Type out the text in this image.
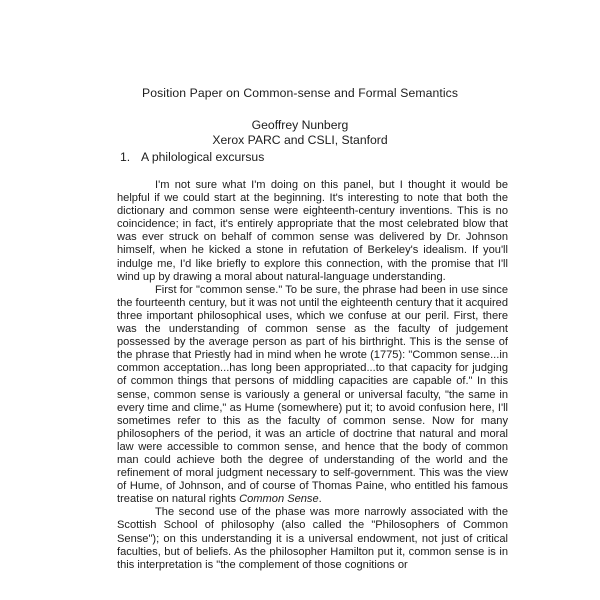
Position Paper on Common-sense and Formal Semantics
Geoffrey Nunberg
Xerox PARC and CSLI, Stanford
1. A philological excursus

I'm not sure what I'm doing on this panel, but I thought it would be helpful if we could start at the beginning. It's interesting to note that both the dictionary and common sense were eighteenth-century inventions. This is no coincidence; in fact, it's entirely appropriate that the most celebrated blow that was ever struck on behalf of common sense was delivered by Dr. Johnson himself, when he kicked a stone in refutation of Berkeley's idealism. If you'll indulge me, I'd like briefly to explore this connection, with the promise that I'll wind up by drawing a moral about natural-language understanding.

First for "common sense." To be sure, the phrase had been in use since the fourteenth century, but it was not until the eighteenth century that it acquired three important philosophical uses, which we confuse at our peril. First, there was the understanding of common sense as the faculty of judgement possessed by the average person as part of his birthright. This is the sense of the phrase that Priestly had in mind when he wrote (1775): "Common sense...in common acceptation...has long been appropriated...to that capacity for judging of common things that persons of middling capacities are capable of." In this sense, common sense is variously a general or universal faculty, "the same in every time and clime," as Hume (somewhere) put it; to avoid confusion here, I'll sometimes refer to this as the faculty of common sense. Now for many philosophers of the period, it was an article of doctrine that natural and moral law were accessible to common sense, and hence that the body of common man could achieve both the degree of understanding of the world and the refinement of moral judgment necessary to self-government. This was the view of Hume, of Johnson, and of course of Thomas Paine, who entitled his famous treatise on natural rights Common Sense.

The second use of the phase was more narrowly associated with the Scottish School of philosophy (also called the "Philosophers of Common Sense"); on this understanding it is a universal endowment, not just of critical faculties, but of beliefs. As the philosopher Hamilton put it, common sense is in this interpretation is "the complement of those cognitions or
